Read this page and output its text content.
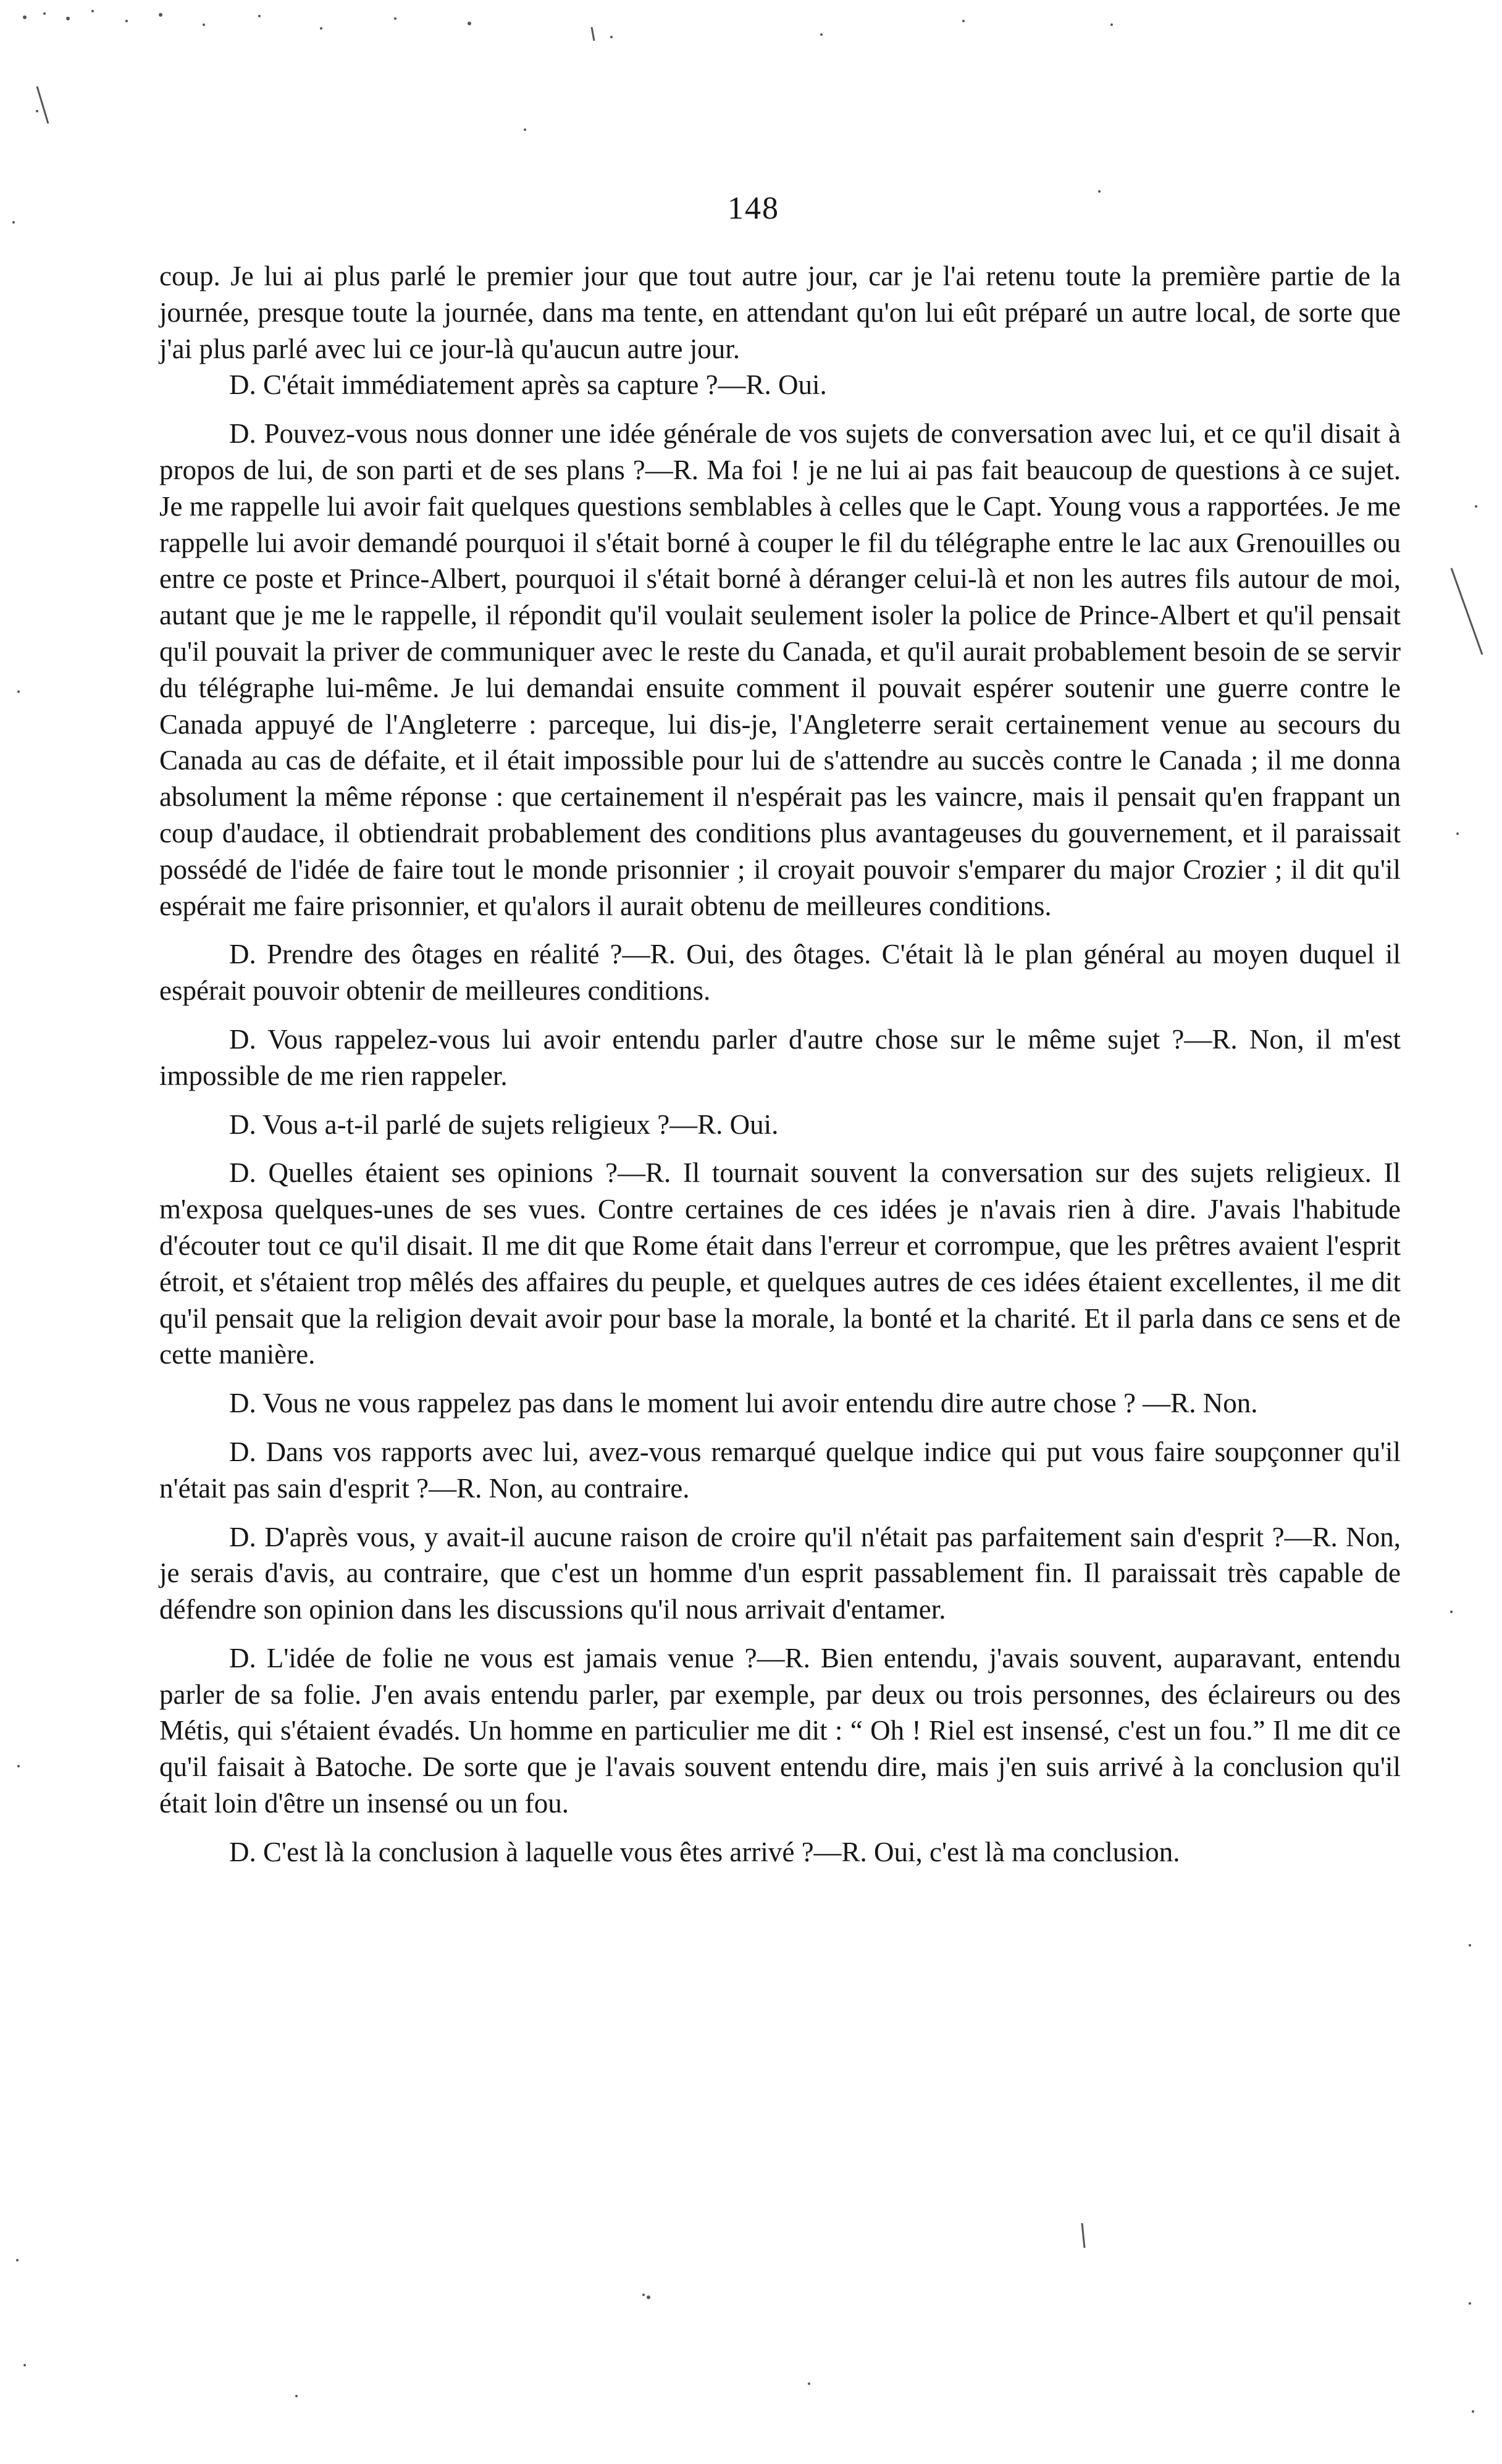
148

coup. Je lui ai plus parlé le premier jour que tout autre jour, car je l'ai retenu toute la première partie de la journée, presque toute la journée, dans ma tente, en attendant qu'on lui eût préparé un autre local, de sorte que j'ai plus parlé avec lui ce jour-là qu'aucun autre jour.

D. C'était immédiatement après sa capture ?—R. Oui.

D. Pouvez-vous nous donner une idée générale de vos sujets de conversation avec lui, et ce qu'il disait à propos de lui, de son parti et de ses plans ?—R. Ma foi ! je ne lui ai pas fait beaucoup de questions à ce sujet. Je me rappelle lui avoir fait quelques questions semblables à celles que le Capt. Young vous a rapportées. Je me rappelle lui avoir demandé pourquoi il s'était borné à couper le fil du télégraphe entre le lac aux Grenouilles ou entre ce poste et Prince-Albert, pourquoi il s'était borné à déranger celui-là et non les autres fils autour de moi, autant que je me le rappelle, il répondit qu'il voulait seulement isoler la police de Prince-Albert et qu'il pensait qu'il pouvait la priver de communiquer avec le reste du Canada, et qu'il aurait probablement besoin de se servir du télégraphe lui-même. Je lui demandai ensuite comment il pouvait espérer soutenir une guerre contre le Canada appuyé de l'Angleterre : parceque, lui dis-je, l'Angleterre serait certainement venue au secours du Canada au cas de défaite, et il était impossible pour lui de s'attendre au succès contre le Canada ; il me donna absolument la même réponse : que certainement il n'espérait pas les vaincre, mais il pensait qu'en frappant un coup d'audace, il obtiendrait probablement des conditions plus avantageuses du gouvernement, et il paraissait possédé de l'idée de faire tout le monde prisonnier ; il croyait pouvoir s'emparer du major Crozier ; il dit qu'il espérait me faire prisonnier, et qu'alors il aurait obtenu de meilleures conditions.

D. Prendre des ôtages en réalité ?—R. Oui, des ôtages. C'était là le plan général au moyen duquel il espérait pouvoir obtenir de meilleures conditions.

D. Vous rappelez-vous lui avoir entendu parler d'autre chose sur le même sujet ?—R. Non, il m'est impossible de me rien rappeler.

D. Vous a-t-il parlé de sujets religieux ?—R. Oui.

D. Quelles étaient ses opinions ?—R. Il tournait souvent la conversation sur des sujets religieux. Il m'exposa quelques-unes de ses vues. Contre certaines de ces idées je n'avais rien à dire. J'avais l'habitude d'écouter tout ce qu'il disait. Il me dit que Rome était dans l'erreur et corrompue, que les prêtres avaient l'esprit étroit, et s'étaient trop mêlés des affaires du peuple, et quelques autres de ces idées étaient excellentes, il me dit qu'il pensait que la religion devait avoir pour base la morale, la bonté et la charité. Et il parla dans ce sens et de cette manière.

D. Vous ne vous rappelez pas dans le moment lui avoir entendu dire autre chose ? —R. Non.

D. Dans vos rapports avec lui, avez-vous remarqué quelque indice qui put vous faire soupçonner qu'il n'était pas sain d'esprit ?—R. Non, au contraire.

D. D'après vous, y avait-il aucune raison de croire qu'il n'était pas parfaitement sain d'esprit ?—R. Non, je serais d'avis, au contraire, que c'est un homme d'un esprit passablement fin. Il paraissait très capable de défendre son opinion dans les discussions qu'il nous arrivait d'entamer.

D. L'idée de folie ne vous est jamais venue ?—R. Bien entendu, j'avais souvent, auparavant, entendu parler de sa folie. J'en avais entendu parler, par exemple, par deux ou trois personnes, des éclaireurs ou des Métis, qui s'étaient évadés. Un homme en particulier me dit : “ Oh ! Riel est insensé, c'est un fou.” Il me dit ce qu'il faisait à Batoche. De sorte que je l'avais souvent entendu dire, mais j'en suis arrivé à la conclusion qu'il était loin d'être un insensé ou un fou.

D. C'est là la conclusion à laquelle vous êtes arrivé ?—R. Oui, c'est là ma conclusion.
